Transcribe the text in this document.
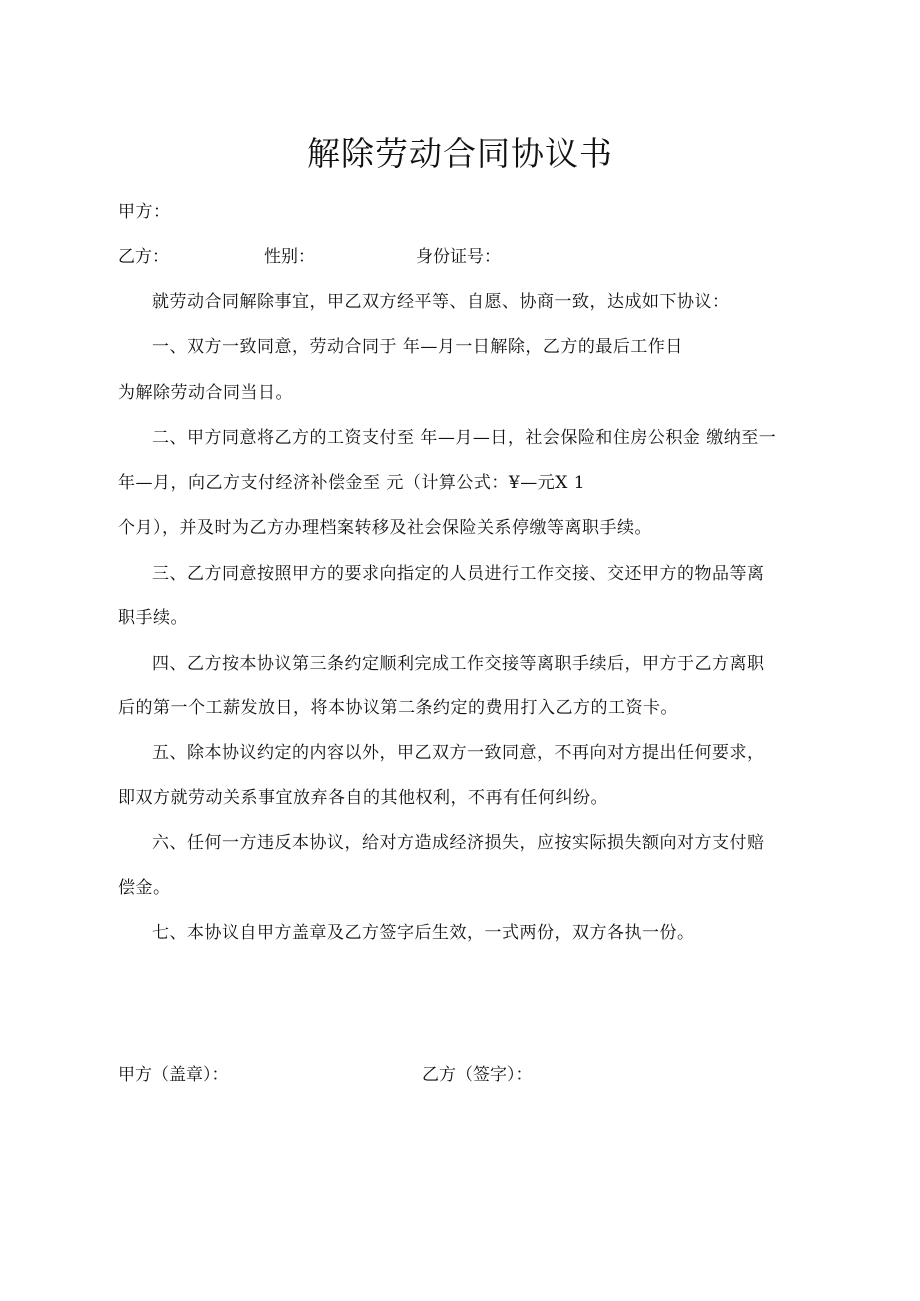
解除劳动合同协议书
甲方：
乙方：	性别：	身份证号：
就劳动合同解除事宜，甲乙双方经平等、自愿、协商一致，达成如下协议：
一、双方一致同意，劳动合同于 年—月一日解除，乙方的最后工作日
为解除劳动合同当日。
二、甲方同意将乙方的工资支付至 年—月—日，社会保险和住房公积金 缴纳至一
年—月，向乙方支付经济补偿金至 元（计算公式：¥—元X 1
个月），并及时为乙方办理档案转移及社会保险关系停缴等离职手续。
三、乙方同意按照甲方的要求向指定的人员进行工作交接、交还甲方的物品等离
职手续。
四、乙方按本协议第三条约定顺利完成工作交接等离职手续后，甲方于乙方离职
后的第一个工薪发放日，将本协议第二条约定的费用打入乙方的工资卡。
五、除本协议约定的内容以外，甲乙双方一致同意，不再向对方提出任何要求，
即双方就劳动关系事宜放弃各自的其他权利，不再有任何纠纷。
六、任何一方违反本协议，给对方造成经济损失，应按实际损失额向对方支付赔
偿金。
七、本协议自甲方盖章及乙方签字后生效，一式两份，双方各执一份。
甲方（盖章）：	乙方（签字）：
